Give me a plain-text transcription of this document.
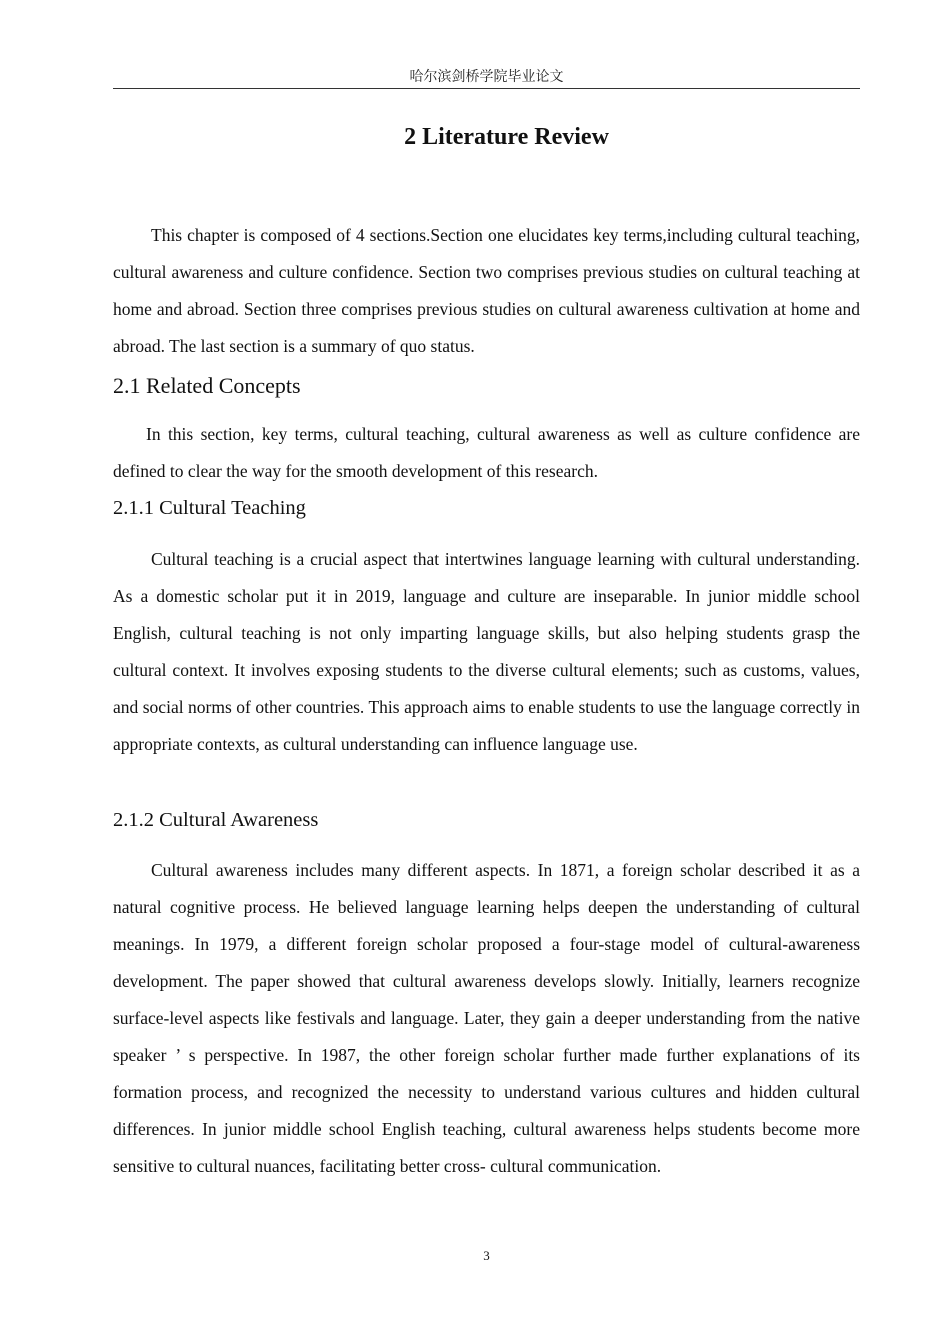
哈尔滨剑桥学院毕业论文
2 Literature Review

This chapter is composed of 4 sections.Section one elucidates key terms,including cultural teaching, cultural awareness and culture confidence. Section two comprises previous studies on cultural teaching at home and abroad. Section three comprises previous studies on cultural awareness cultivation at home and abroad. The last section is a summary of quo status.

2.1 Related Concepts

In this section, key terms, cultural teaching, cultural awareness as well as culture confidence are defined to clear the way for the smooth development of this research.

2.1.1 Cultural Teaching

Cultural teaching is a crucial aspect that intertwines language learning with cultural understanding. As a domestic scholar put it in 2019, language and culture are inseparable. In junior middle school English, cultural teaching is not only imparting language skills, but also helping students grasp the cultural context. It involves exposing students to the diverse cultural elements; such as customs, values, and social norms of other countries. This approach aims to enable students to use the language correctly in appropriate contexts, as cultural understanding can influence language use.

2.1.2 Cultural Awareness

Cultural awareness includes many different aspects. In 1871, a foreign scholar described it as a natural cognitive process. He believed language learning helps deepen the understanding of cultural meanings. In 1979, a different foreign scholar proposed a four-stage model of cultural-awareness development. The paper showed that cultural awareness develops slowly. Initially, learners recognize surface-level aspects like festivals and language. Later, they gain a deeper understanding from the native speaker ’ s perspective. In 1987, the other foreign scholar further made further explanations of its formation process, and recognized the necessity to understand various cultures and hidden cultural differences. In junior middle school English teaching, cultural awareness helps students become more sensitive to cultural nuances, facilitating better cross- cultural communication.

3
